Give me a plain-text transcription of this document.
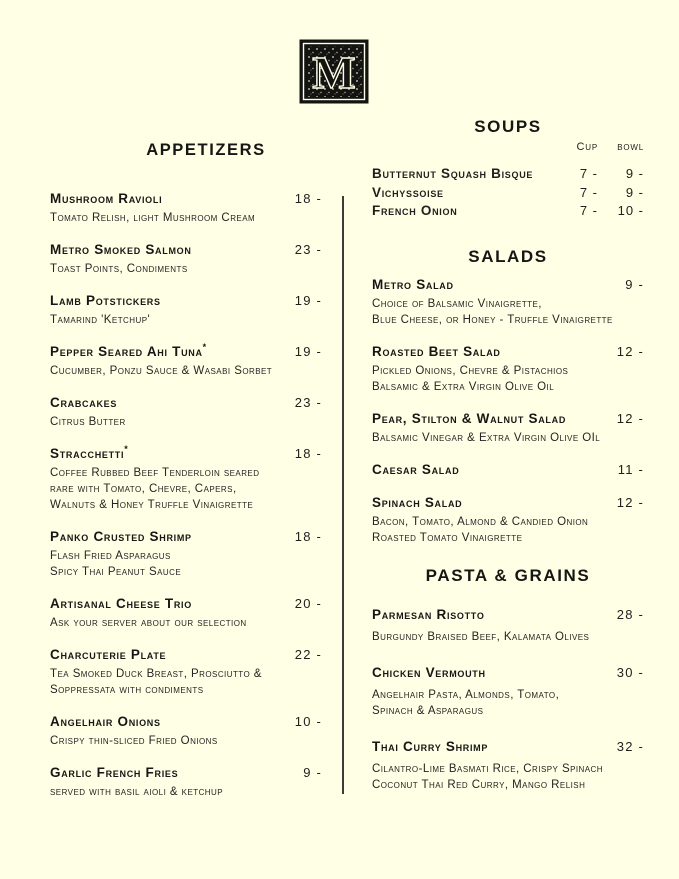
M
APPETIZERS
Mushroom Ravioli	18 -
Tomato Relish, light Mushroom Cream
Metro Smoked Salmon	23 -
Toast Points, Condiments
Lamb Potstickers	19 -
Tamarind 'Ketchup'
Pepper Seared Ahi Tuna*	19 -
Cucumber, Ponzu Sauce & Wasabi Sorbet
Crabcakes	23 -
Citrus Butter
Stracchetti*	18 -
Coffee Rubbed Beef Tenderloin seared
rare with Tomato, Chevre, Capers,
Walnuts & Honey Truffle Vinaigrette
Panko Crusted Shrimp	18 -
Flash Fried Asparagus
Spicy Thai Peanut Sauce
Artisanal Cheese Trio	20 -
Ask your server about our selection
Charcuterie Plate	22 -
Tea Smoked Duck Breast, Prosciutto &
Soppressata with condiments
Angelhair Onions	10 -
Crispy thin-sliced Fried Onions
Garlic French Fries	9 -
served with basil aioli & ketchup
SOUPS
Cup	bowl
Butternut Squash Bisque	7 -	9 -
Vichyssoise	7 -	9 -
French Onion	7 -	10 -
SALADS
Metro Salad	9 -
Choice of Balsamic Vinaigrette,
Blue Cheese, or Honey - Truffle Vinaigrette
Roasted Beet Salad	12 -
Pickled Onions, Chevre & Pistachios
Balsamic & Extra Virgin Olive Oil
Pear, Stilton & Walnut Salad	12 -
Balsamic Vinegar & Extra Virgin Olive OIl
Caesar Salad	11 -
Spinach Salad	12 -
Bacon, Tomato, Almond & Candied Onion
Roasted Tomato Vinaigrette
PASTA & GRAINS
Parmesan Risotto	28 -
Burgundy Braised Beef, Kalamata Olives
Chicken Vermouth	30 -
Angelhair Pasta, Almonds, Tomato,
Spinach & Asparagus
Thai Curry Shrimp	32 -
Cilantro-Lime Basmati Rice, Crispy Spinach
Coconut Thai Red Curry, Mango Relish
